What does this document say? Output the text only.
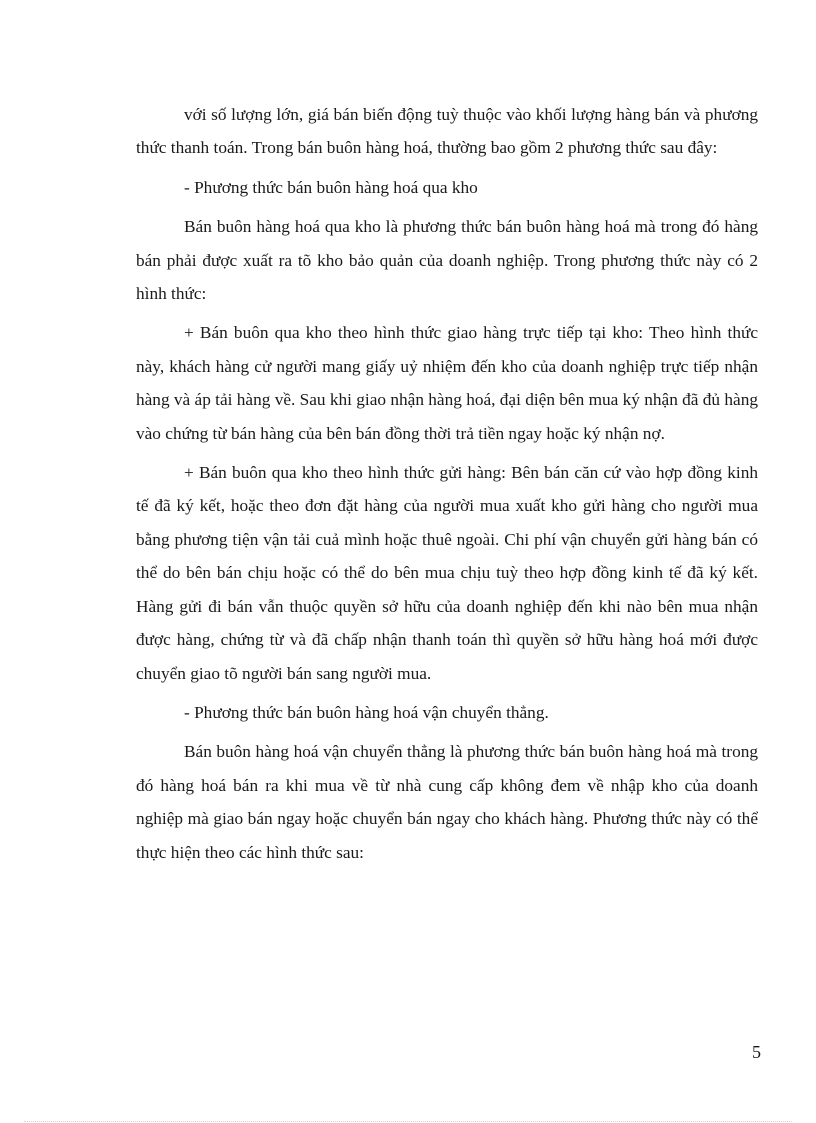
với số lượng lớn, giá bán biến động tuỳ thuộc vào khối lượng hàng bán và phương thức thanh toán. Trong bán buôn hàng hoá, thường bao gồm 2 phương thức sau đây:

- Phương thức bán buôn hàng hoá qua kho

Bán buôn hàng hoá qua kho là phương thức bán buôn hàng hoá mà trong đó hàng bán phải được xuất ra tõ kho bảo quản của doanh nghiệp. Trong phương thức này có 2 hình thức:

+ Bán buôn qua kho theo hình thức giao hàng trực tiếp tại kho: Theo hình thức này, khách hàng cử người mang giấy uỷ nhiệm đến kho của doanh nghiệp trực tiếp nhận hàng và áp tải hàng về. Sau khi giao nhận hàng hoá, đại diện bên mua ký nhận đã đủ hàng vào chứng từ bán hàng của bên bán đồng thời trả tiền ngay hoặc ký nhận nợ.

+ Bán buôn qua kho theo hình thức gửi hàng: Bên bán căn cứ vào hợp đồng kinh tế đã ký kết, hoặc theo đơn đặt hàng của người mua xuất kho gửi hàng cho người mua bằng phương tiện vận tải cuả mình hoặc thuê ngoài. Chi phí vận chuyển gửi hàng bán có thể do bên bán chịu hoặc có thể do bên mua chịu tuỳ theo hợp đồng kinh tế đã ký kết. Hàng gửi đi bán vẫn thuộc quyền sở hữu của doanh nghiệp đến khi nào bên mua nhận được hàng, chứng từ và đã chấp nhận thanh toán thì quyền sở hữu hàng hoá mới được chuyển giao tõ người bán sang người mua.

- Phương thức bán buôn hàng hoá vận chuyển thẳng.

Bán buôn hàng hoá vận chuyển thẳng là phương thức bán buôn hàng hoá mà trong đó hàng hoá bán ra khi mua về từ nhà cung cấp không đem về nhập kho của doanh nghiệp mà giao bán ngay hoặc chuyển bán ngay cho khách hàng. Phương thức này có thể thực hiện theo các hình thức sau:

5
